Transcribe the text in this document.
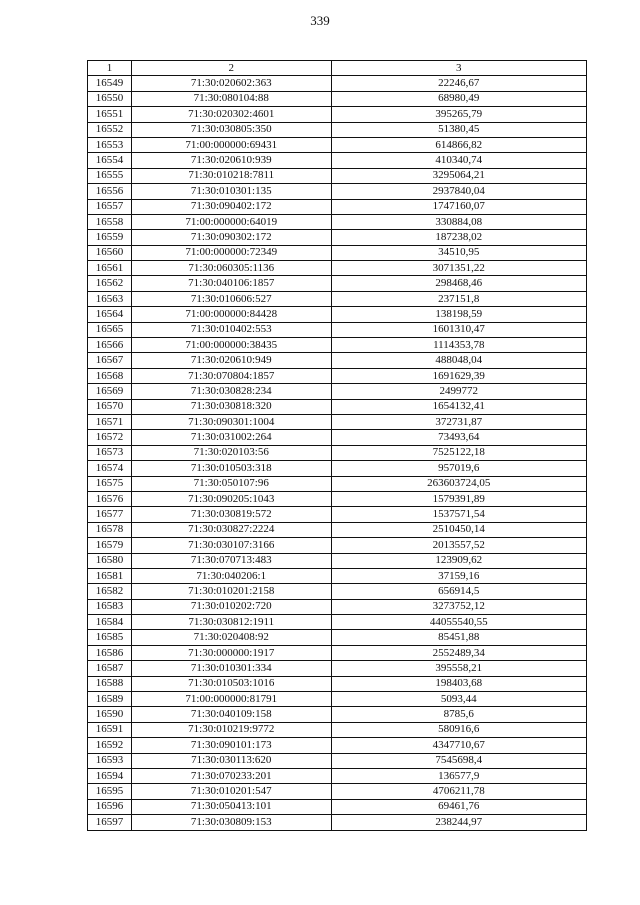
339
1	2	3
16549	71:30:020602:363	22246,67
16550	71:30:080104:88	68980,49
16551	71:30:020302:4601	395265,79
16552	71:30:030805:350	51380,45
16553	71:00:000000:69431	614866,82
16554	71:30:020610:939	410340,74
16555	71:30:010218:7811	3295064,21
16556	71:30:010301:135	2937840,04
16557	71:30:090402:172	1747160,07
16558	71:00:000000:64019	330884,08
16559	71:30:090302:172	187238,02
16560	71:00:000000:72349	34510,95
16561	71:30:060305:1136	3071351,22
16562	71:30:040106:1857	298468,46
16563	71:30:010606:527	237151,8
16564	71:00:000000:84428	138198,59
16565	71:30:010402:553	1601310,47
16566	71:00:000000:38435	1114353,78
16567	71:30:020610:949	488048,04
16568	71:30:070804:1857	1691629,39
16569	71:30:030828:234	2499772
16570	71:30:030818:320	1654132,41
16571	71:30:090301:1004	372731,87
16572	71:30:031002:264	73493,64
16573	71:30:020103:56	7525122,18
16574	71:30:010503:318	957019,6
16575	71:30:050107:96	263603724,05
16576	71:30:090205:1043	1579391,89
16577	71:30:030819:572	1537571,54
16578	71:30:030827:2224	2510450,14
16579	71:30:030107:3166	2013557,52
16580	71:30:070713:483	123909,62
16581	71:30:040206:1	37159,16
16582	71:30:010201:2158	656914,5
16583	71:30:010202:720	3273752,12
16584	71:30:030812:1911	44055540,55
16585	71:30:020408:92	85451,88
16586	71:30:000000:1917	2552489,34
16587	71:30:010301:334	395558,21
16588	71:30:010503:1016	198403,68
16589	71:00:000000:81791	5093,44
16590	71:30:040109:158	8785,6
16591	71:30:010219:9772	580916,6
16592	71:30:090101:173	4347710,67
16593	71:30:030113:620	7545698,4
16594	71:30:070233:201	136577,9
16595	71:30:010201:547	4706211,78
16596	71:30:050413:101	69461,76
16597	71:30:030809:153	238244,97
